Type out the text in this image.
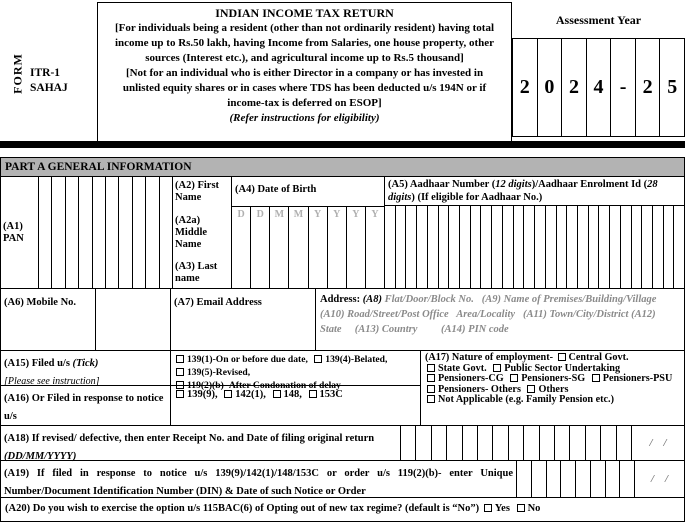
FORM ITR-1
SAHAJ
INDIAN INCOME TAX RETURN
[For individuals being a resident (other than not ordinarily resident) having total income up to Rs.50 lakh, having Income from Salaries, one house property, other sources (Interest etc.), and agricultural income up to Rs.5 thousand]
[Not for an individual who is either Director in a company or has invested in unlisted equity shares or in cases where TDS has been deducted u/s 194N or if income-tax is deferred on ESOP]
(Refer instructions for eligibility)
Assessment Year
2 0 2 4 - 2 5
PART A GENERAL INFORMATION
(A1) PAN
(A2) First Name
(A2a) Middle Name
(A3) Last name
(A4) Date of Birth
D	D	M M	Y	Y	Y	Y
(A5) Aadhaar Number (12 digits)/Aadhaar Enrolment Id (28 digits) (If eligible for Aadhaar No.)
(A6) Mobile No.	(A7) Email Address	Address: (A8) Flat/Door/Block No.  (A9) Name of Premises/Building/Village (A10) Road/Street/Post Office  Area/Locality  (A11) Town/City/District (A12) State   (A13) Country     (A14) PIN code
(A15) Filed u/s (Tick)
[Please see instruction]
139(1)-On or before due date, 139(4)-Belated, 139(5)-Revised,
119(2)(b)- After Condonation of delay
(A16) Or Filed in response to notice u/s
139(9), 142(1), 148, 153C
(A17) Nature of employment- Central Govt. State Govt. Public Sector Undertaking Pensioners-CG Pensioners-SG Pensioners-PSU Pensioners- Others Others Not Applicable (e.g. Family Pension etc.)
(A18) If revised/ defective, then enter Receipt No. and Date of filing original return (DD/MM/YYYY)
/    /
(A19) If filed in response to notice u/s 139(9)/142(1)/148/153C or order u/s 119(2)(b)- enter Unique Number/Document Identification Number (DIN) & Date of such Notice or Order
/    /
(A20) Do you wish to exercise the option u/s 115BAC(6) of Opting out of new tax regime? (default is “No”) Yes No
